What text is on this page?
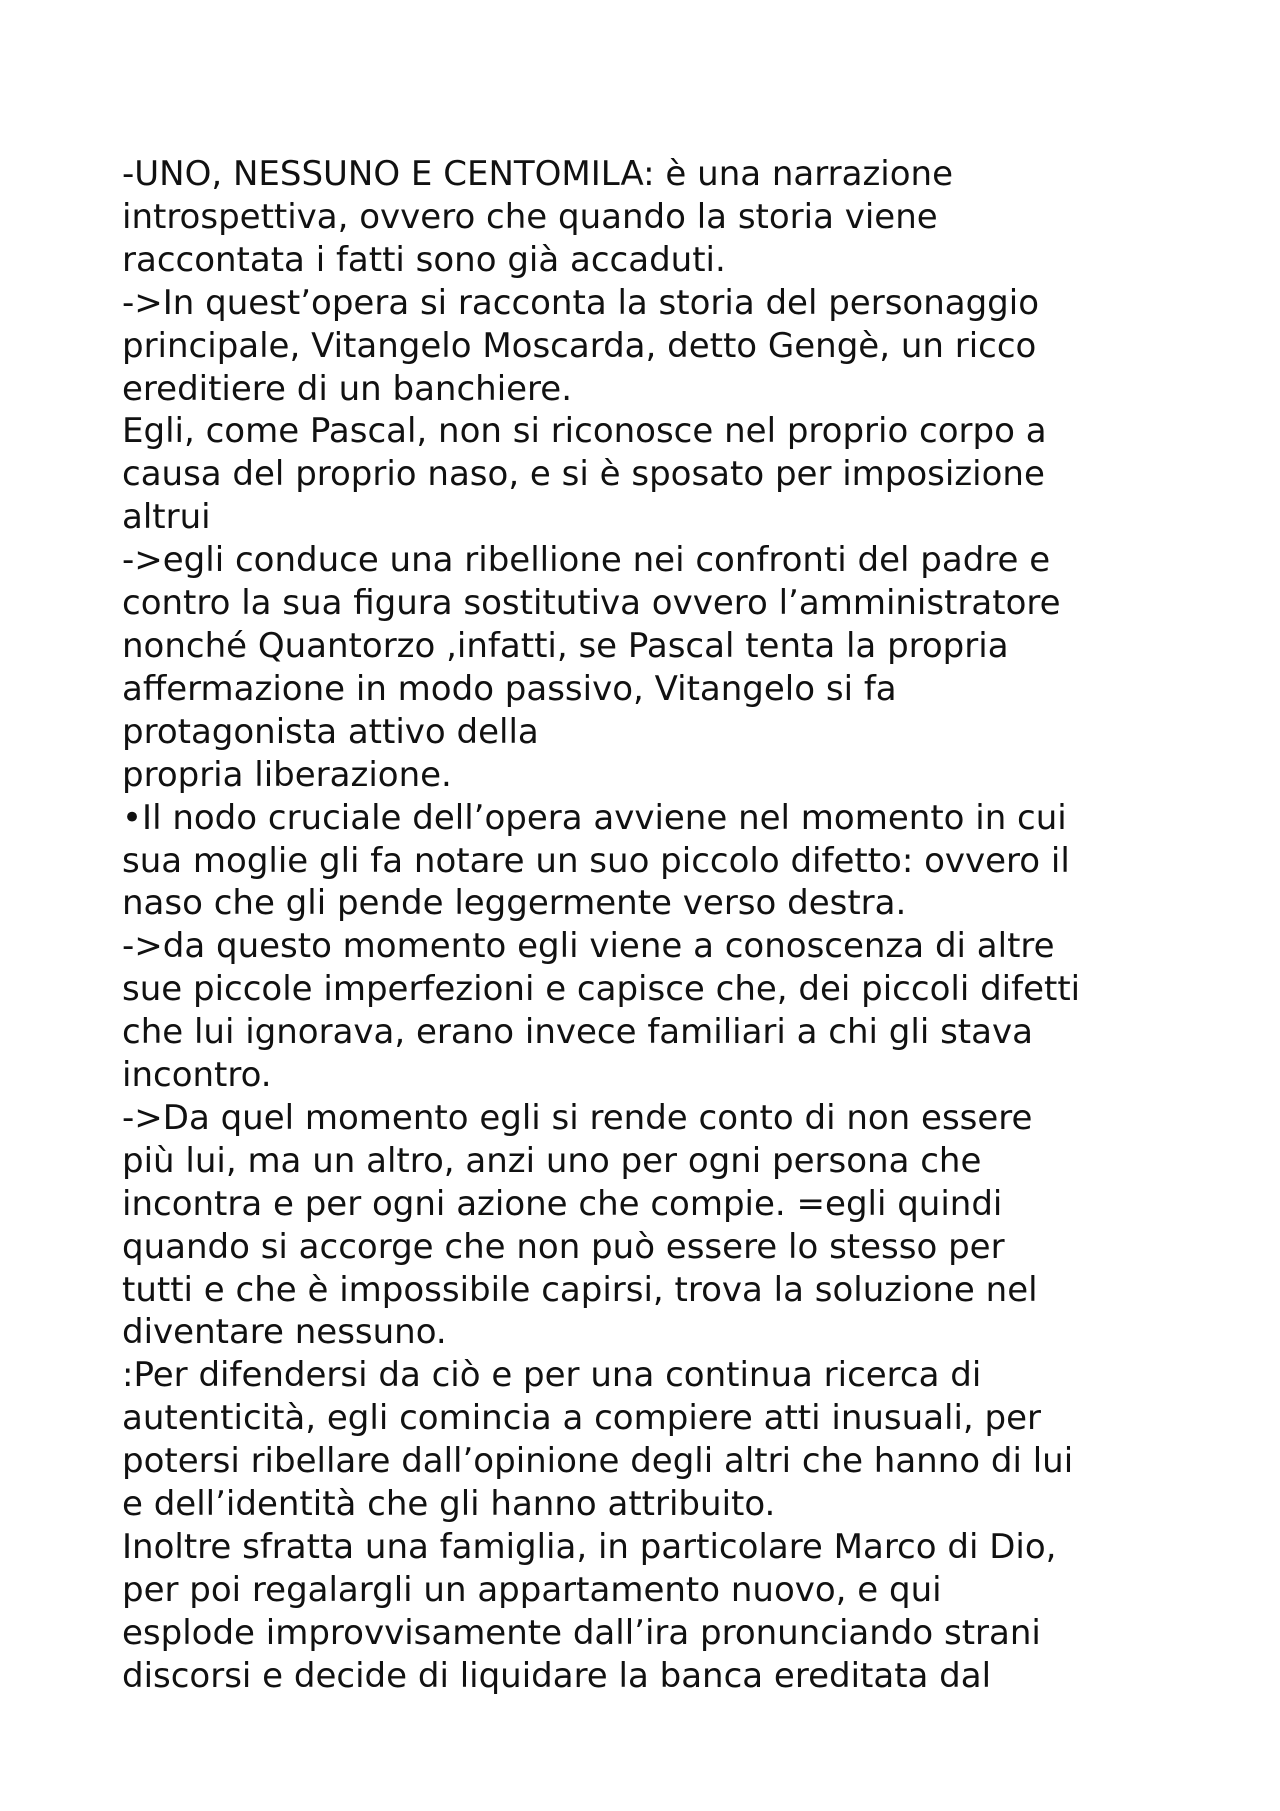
-UNO, NESSUNO E CENTOMILA: è una narrazione
introspettiva, ovvero che quando la storia viene
raccontata i fatti sono già accaduti.
->In quest’opera si racconta la storia del personaggio
principale, Vitangelo Moscarda, detto Gengè, un ricco
ereditiere di un banchiere.
Egli, come Pascal, non si riconosce nel proprio corpo a
causa del proprio naso, e si è sposato per imposizione
altrui
->egli conduce una ribellione nei confronti del padre e
contro la sua figura sostitutiva ovvero l’amministratore
nonché Quantorzo ,infatti, se Pascal tenta la propria
affermazione in modo passivo, Vitangelo si fa
protagonista attivo della
propria liberazione.
•Il nodo cruciale dell’opera avviene nel momento in cui
sua moglie gli fa notare un suo piccolo difetto: ovvero il
naso che gli pende leggermente verso destra.
->da questo momento egli viene a conoscenza di altre
sue piccole imperfezioni e capisce che, dei piccoli difetti
che lui ignorava, erano invece familiari a chi gli stava
incontro.
->Da quel momento egli si rende conto di non essere
più lui, ma un altro, anzi uno per ogni persona che
incontra e per ogni azione che compie. =egli quindi
quando si accorge che non può essere lo stesso per
tutti e che è impossibile capirsi, trova la soluzione nel
diventare nessuno.
:Per difendersi da ciò e per una continua ricerca di
autenticità, egli comincia a compiere atti inusuali, per
potersi ribellare dall’opinione degli altri che hanno di lui
e dell’identità che gli hanno attribuito.
Inoltre sfratta una famiglia, in particolare Marco di Dio,
per poi regalargli un appartamento nuovo, e qui
esplode improvvisamente dall’ira pronunciando strani
discorsi e decide di liquidare la banca ereditata dal
